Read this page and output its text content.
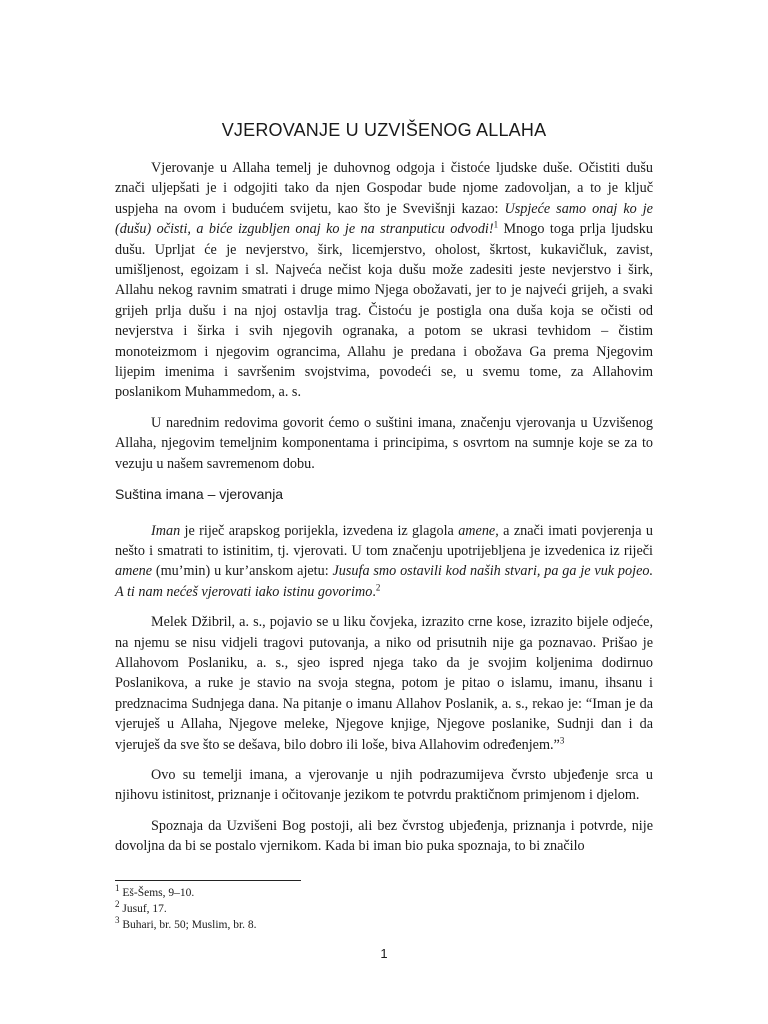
VJEROVANJE U UZVIŠENOG ALLAHA

Vjerovanje u Allaha temelj je duhovnog odgoja i čistoće ljudske duše. Očistiti dušu znači uljepšati je i odgojiti tako da njen Gospodar bude njome zadovoljan, a to je ključ uspjeha na ovom i budućem svijetu, kao što je Svevišnji kazao: Uspjeće samo onaj ko je (dušu) očisti, a biće izgubljen onaj ko je na stranputicu odvodi!$^1$ Mnogo toga prlja ljudsku dušu. Uprljat će je nevjerstvo, širk, licemjerstvo, oholost, škrtost, kukavičluk, zavist, umišljenost, egoizam i sl. Najveća nečist koja dušu može zadesiti jeste nevjerstvo i širk, Allahu nekog ravnim smatrati i druge mimo Njega obožavati, jer to je najveći grijeh, a svaki grijeh prlja dušu i na njoj ostavlja trag. Čistoću je postigla ona duša koja se očisti od nevjerstva i širka i svih njegovih ogranaka, a potom se ukrasi tevhidom – čistim monoteizmom i njegovim ograncima, Allahu je predana i obožava Ga prema Njegovim lijepim imenima i savršenim svojstvima, povodeći se, u svemu tome, za Allahovim poslanikom Muhammedom, a. s.

U narednim redovima govorit ćemo o suštini imana, značenju vjerovanja u Uzvišenog Allaha, njegovim temeljnim komponentama i principima, s osvrtom na sumnje koje se za to vezuju u našem savremenom dobu.

Suština imana – vjerovanja

Iman je riječ arapskog porijekla, izvedena iz glagola amene, a znači imati povjerenja u nešto i smatrati to istinitim, tj. vjerovati. U tom značenju upotrijebljena je izvedenica iz riječi amene (mu’min) u kur’anskom ajetu: Jusufa smo ostavili kod naših stvari, pa ga je vuk pojeo. A ti nam nećeš vjerovati iako istinu govorimo.$^2$

Melek Džibril, a. s., pojavio se u liku čovjeka, izrazito crne kose, izrazito bijele odjeće, na njemu se nisu vidjeli tragovi putovanja, a niko od prisutnih nije ga poznavao. Prišao je Allahovom Poslaniku, a. s., sjeo ispred njega tako da je svojim koljenima dodirnuo Poslanikova, a ruke je stavio na svoja stegna, potom je pitao o islamu, imanu, ihsanu i predznacima Sudnjega dana. Na pitanje o imanu Allahov Poslanik, a. s., rekao je: “Iman je da vjeruješ u Allaha, Njegove meleke, Njegove knjige, Njegove poslanike, Sudnji dan i da vjeruješ da sve što se dešava, bilo dobro ili loše, biva Allahovim određenjem.”$^3$

Ovo su temelji imana, a vjerovanje u njih podrazumijeva čvrsto ubjeđenje srca u njihovu istinitost, priznanje i očitovanje jezikom te potvrdu praktičnom primjenom i djelom.

Spoznaja da Uzvišeni Bog postoji, ali bez čvrstog ubjeđenja, priznanja i potvrde, nije dovoljna da bi se postalo vjernikom. Kada bi iman bio puka spoznaja, to bi značilo

$^1$ Eš-Šems, 9–10.
$^2$ Jusuf, 17.
$^3$ Buhari, br. 50; Muslim, br. 8.
1
